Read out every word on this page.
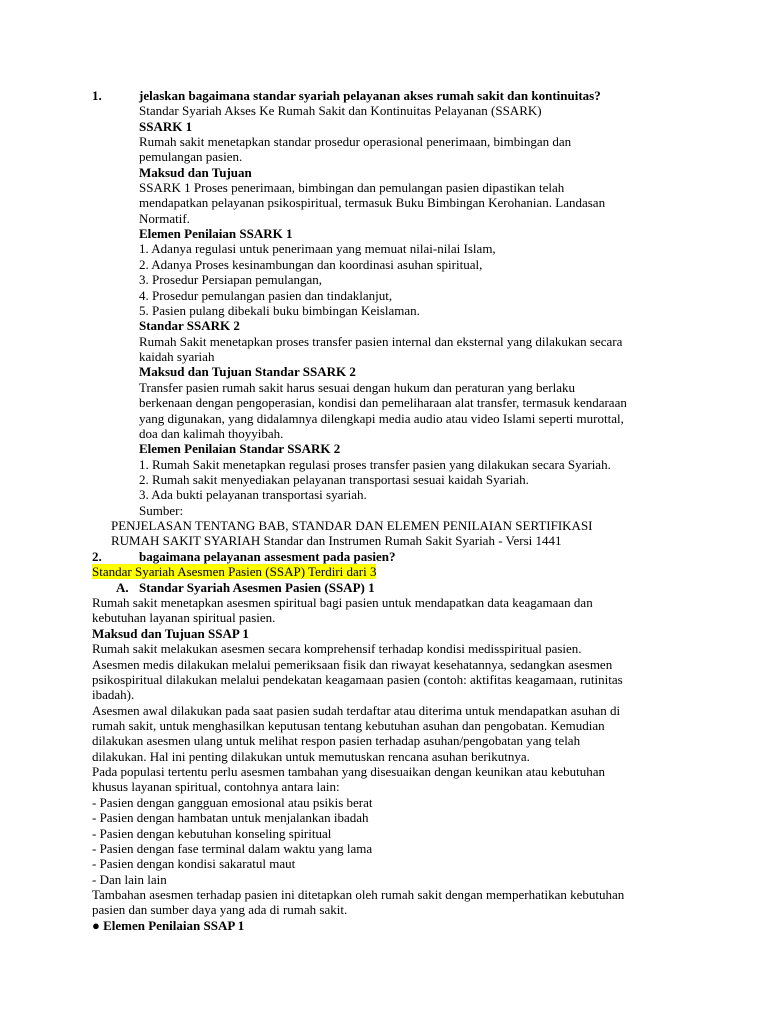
1.	jelaskan bagaimana standar syariah pelayanan akses rumah sakit dan kontinuitas?
Standar Syariah Akses Ke Rumah Sakit dan Kontinuitas Pelayanan (SSARK)
SSARK 1
Rumah sakit menetapkan standar prosedur operasional penerimaan, bimbingan dan
pemulangan pasien.
Maksud dan Tujuan
SSARK 1 Proses penerimaan, bimbingan dan pemulangan pasien dipastikan telah
mendapatkan pelayanan psikospiritual, termasuk Buku Bimbingan Kerohanian. Landasan
Normatif.
Elemen Penilaian SSARK 1
1. Adanya regulasi untuk penerimaan yang memuat nilai-nilai Islam,
2. Adanya Proses kesinambungan dan koordinasi asuhan spiritual,
3. Prosedur Persiapan pemulangan,
4. Prosedur pemulangan pasien dan tindaklanjut,
5. Pasien pulang dibekali buku bimbingan Keislaman.
Standar SSARK 2
Rumah Sakit menetapkan proses transfer pasien internal dan eksternal yang dilakukan secara
kaidah syariah
Maksud dan Tujuan Standar SSARK 2
Transfer pasien rumah sakit harus sesuai dengan hukum dan peraturan yang berlaku
berkenaan dengan pengoperasian, kondisi dan pemeliharaan alat transfer, termasuk kendaraan
yang digunakan, yang didalamnya dilengkapi media audio atau video Islami seperti murottal,
doa dan kalimah thoyyibah.
Elemen Penilaian Standar SSARK 2
1. Rumah Sakit menetapkan regulasi proses transfer pasien yang dilakukan secara Syariah.
2. Rumah sakit menyediakan pelayanan transportasi sesuai kaidah Syariah.
3. Ada bukti pelayanan transportasi syariah.
Sumber:
PENJELASAN TENTANG BAB, STANDAR DAN ELEMEN PENILAIAN SERTIFIKASI
RUMAH SAKIT SYARIAH Standar dan Instrumen Rumah Sakit Syariah - Versi 1441
2.	bagaimana pelayanan assesment pada pasien?
Standar Syariah Asesmen Pasien (SSAP) Terdiri dari 3
A. Standar Syariah Asesmen Pasien (SSAP) 1
Rumah sakit menetapkan asesmen spiritual bagi pasien untuk mendapatkan data keagamaan dan
kebutuhan layanan spiritual pasien.
Maksud dan Tujuan SSAP 1
Rumah sakit melakukan asesmen secara komprehensif terhadap kondisi medisspiritual pasien.
Asesmen medis dilakukan melalui pemeriksaan fisik dan riwayat kesehatannya, sedangkan asesmen
psikospiritual dilakukan melalui pendekatan keagamaan pasien (contoh: aktifitas keagamaan, rutinitas
ibadah).
Asesmen awal dilakukan pada saat pasien sudah terdaftar atau diterima untuk mendapatkan asuhan di
rumah sakit, untuk menghasilkan keputusan tentang kebutuhan asuhan dan pengobatan. Kemudian
dilakukan asesmen ulang untuk melihat respon pasien terhadap asuhan/pengobatan yang telah
dilakukan. Hal ini penting dilakukan untuk memutuskan rencana asuhan berikutnya.
Pada populasi tertentu perlu asesmen tambahan yang disesuaikan dengan keunikan atau kebutuhan
khusus layanan spiritual, contohnya antara lain:
- Pasien dengan gangguan emosional atau psikis berat
- Pasien dengan hambatan untuk menjalankan ibadah
- Pasien dengan kebutuhan konseling spiritual
- Pasien dengan fase terminal dalam waktu yang lama
- Pasien dengan kondisi sakaratul maut
- Dan lain lain
Tambahan asesmen terhadap pasien ini ditetapkan oleh rumah sakit dengan memperhatikan kebutuhan
pasien dan sumber daya yang ada di rumah sakit.
● Elemen Penilaian SSAP 1
